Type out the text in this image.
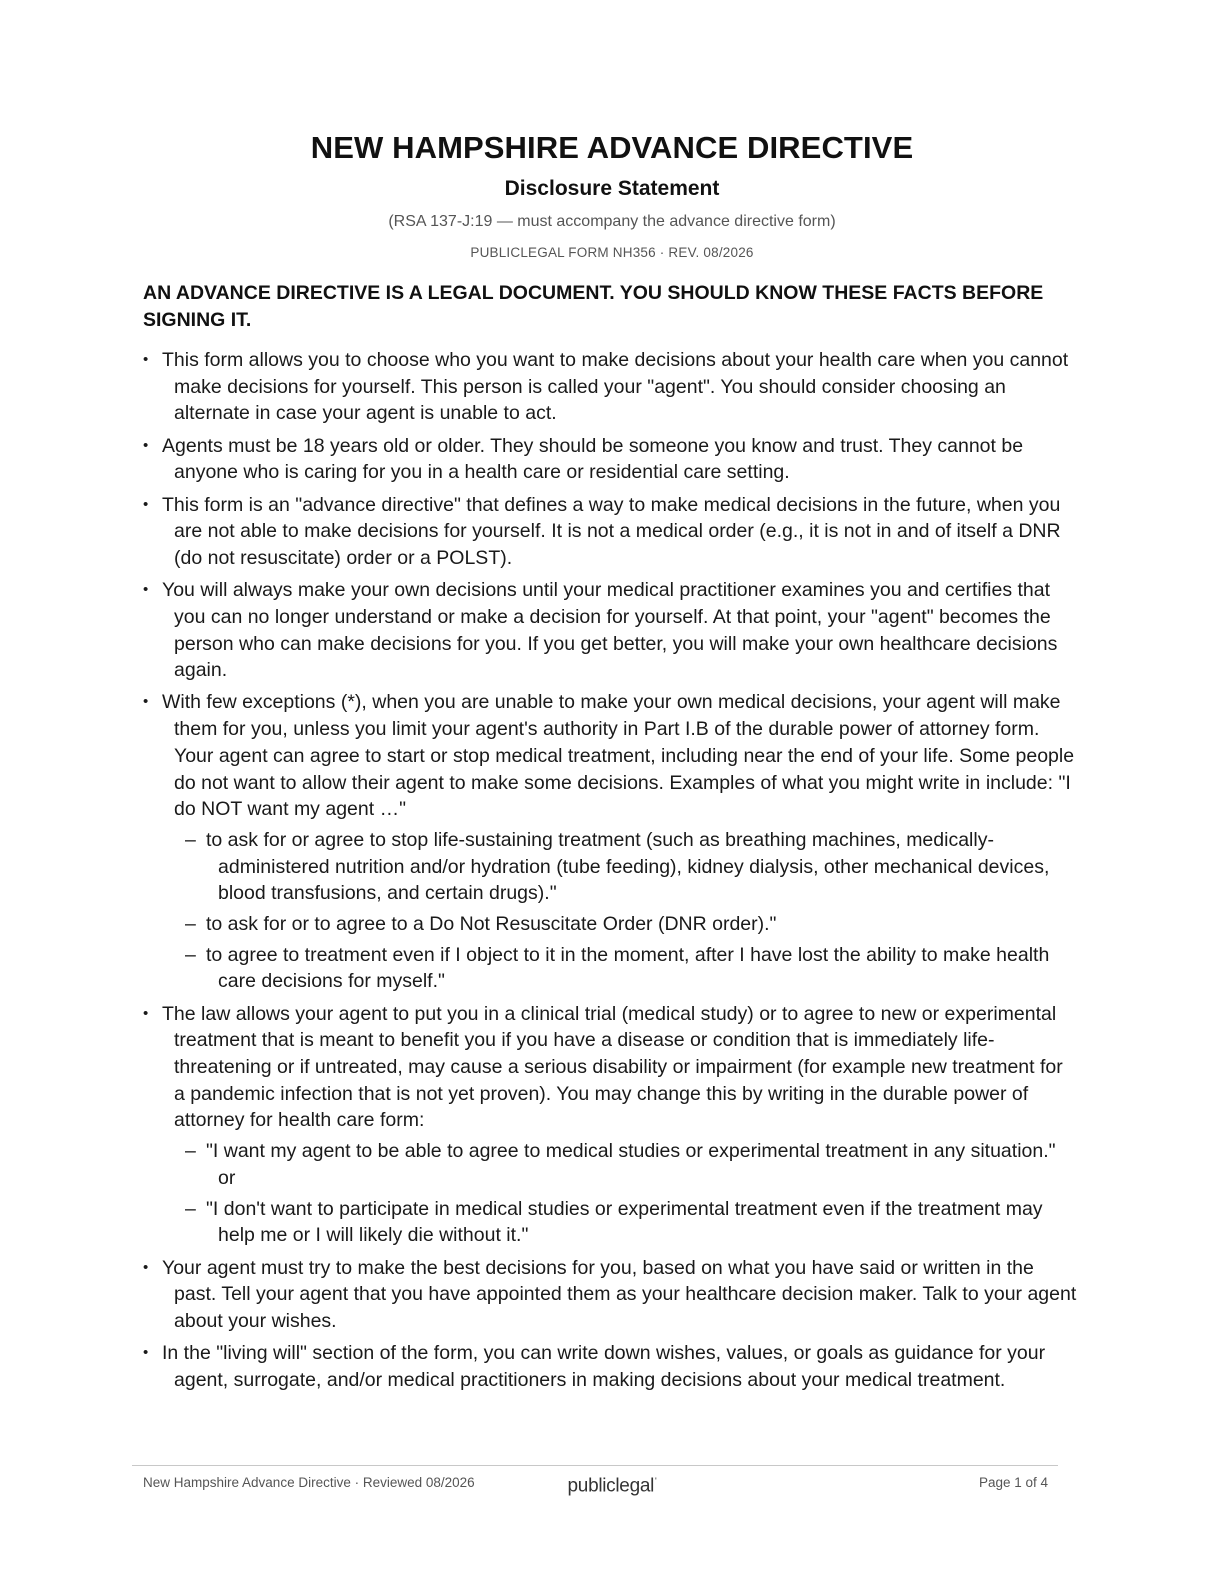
NEW HAMPSHIRE ADVANCE DIRECTIVE
Disclosure Statement
(RSA 137-J:19 — must accompany the advance directive form)
PUBLICLEGAL FORM NH356 · REV. 08/2026

AN ADVANCE DIRECTIVE IS A LEGAL DOCUMENT. YOU SHOULD KNOW THESE FACTS BEFORE SIGNING IT.

• This form allows you to choose who you want to make decisions about your health care when you cannot make decisions for yourself. This person is called your "agent". You should consider choosing an alternate in case your agent is unable to act.
• Agents must be 18 years old or older. They should be someone you know and trust. They cannot be anyone who is caring for you in a health care or residential care setting.
• This form is an "advance directive" that defines a way to make medical decisions in the future, when you are not able to make decisions for yourself. It is not a medical order (e.g., it is not in and of itself a DNR (do not resuscitate) order or a POLST).
• You will always make your own decisions until your medical practitioner examines you and certifies that you can no longer understand or make a decision for yourself. At that point, your "agent" becomes the person who can make decisions for you. If you get better, you will make your own healthcare decisions again.
• With few exceptions (*), when you are unable to make your own medical decisions, your agent will make them for you, unless you limit your agent's authority in Part I.B of the durable power of attorney form. Your agent can agree to start or stop medical treatment, including near the end of your life. Some people do not want to allow their agent to make some decisions. Examples of what you might write in include: "I do NOT want my agent …"
– to ask for or agree to stop life-sustaining treatment (such as breathing machines, medically-administered nutrition and/or hydration (tube feeding), kidney dialysis, other mechanical devices, blood transfusions, and certain drugs)."
– to ask for or to agree to a Do Not Resuscitate Order (DNR order)."
– to agree to treatment even if I object to it in the moment, after I have lost the ability to make health care decisions for myself."
• The law allows your agent to put you in a clinical trial (medical study) or to agree to new or experimental treatment that is meant to benefit you if you have a disease or condition that is immediately life-threatening or if untreated, may cause a serious disability or impairment (for example new treatment for a pandemic infection that is not yet proven). You may change this by writing in the durable power of attorney for health care form:
– "I want my agent to be able to agree to medical studies or experimental treatment in any situation." or
– "I don't want to participate in medical studies or experimental treatment even if the treatment may help me or I will likely die without it."
• Your agent must try to make the best decisions for you, based on what you have said or written in the past. Tell your agent that you have appointed them as your healthcare decision maker. Talk to your agent about your wishes.
• In the "living will" section of the form, you can write down wishes, values, or goals as guidance for your agent, surrogate, and/or medical practitioners in making decisions about your medical treatment.
New Hampshire Advance Directive · Reviewed 08/2026	publiclegal'	Page 1 of 4
